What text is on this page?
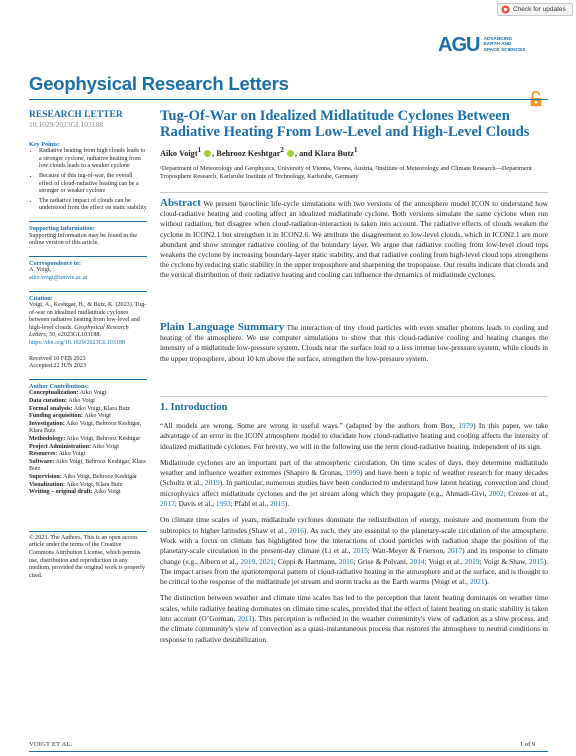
Check for updates
AGU ADVANCING
EARTH AND
SPACE SCIENCES
Geophysical Research Letters
RESEARCH LETTER
10.1029/2023GL103188
Key Points:
• Radiative heating from high clouds leads to a stronger cyclone, radiative heating from low clouds leads to a weaker cyclone
• Because of this tug-of-war, the overall effect of cloud-radiative heating can be a stronger or weaker cyclone
• The radiative impact of clouds can be understood from the effect on static stability
Supporting Information:

Supporting Information may be found in the online version of this article.

Correspondence to:

A. Voigt,

aiko.voigt@univie.ac.at

Citation:

Voigt, A., Keshtgar, B., & Butz, K. (2023). Tug-of-war on idealized midlatitude cyclones between radiative heating from low-level and high-level clouds. Geophysical Research Letters, 50, e2023GL103188. https://doi.org/10.1029/2023GL103188

Received 10 FEB 2023

Accepted 22 JUN 2023

Author Contributions:

Conceptualization: Aiko Voigt

Data curation: Aiko Voigt

Formal analysis: Aiko Voigt, Klara Butz

Funding acquisition: Aiko Voigt

Investigation: Aiko Voigt, Behrooz Keshtgar, Klara Butz

Methodology: Aiko Voigt, Behrooz Keshtgar

Project Administration: Aiko Voigt

Resources: Aiko Voigt

Software: Aiko Voigt, Behrooz Keshtgar, Klara Butz

Supervision: Aiko Voigt, Behrooz Keshtgar

Visualization: Aiko Voigt, Klara Butz

Writing – original draft: Aiko Voigt

© 2023. The Authors. This is an open access article under the terms of the Creative Commons Attribution License, which permits use, distribution and reproduction in any medium, provided the original work is properly cited.

Tug-Of-War on Idealized Midlatitude Cyclones Between Radiative Heating From Low-Level and High-Level Clouds
Aiko Voigt$^1$ , Behrooz Keshtgar$^2$ , and Klara Butz$^1$
¹Department of Meteorology and Geophysics, University of Vienna, Vienna, Austria, ²Institute of Meteorology and Climate Research—Department Troposphere Research, Karlsruhe Institute of Technology, Karlsruhe, Germany
Abstract We present baroclinic life-cycle simulations with two versions of the atmosphere model ICON to understand how cloud-radiative heating and cooling affect an idealized midlatitude cyclone. Both versions simulate the same cyclone when run without radiation, but disagree when cloud-radiation-interaction is taken into account. The radiative effects of clouds weaken the cyclone in ICON2.1 but strengthen it in ICON2.6. We attribute the disagreement to low-level clouds, which in ICON2.1 are more abundant and show stronger radiative cooling of the boundary layer. We argue that radiative cooling from low-level cloud tops weakens the cyclone by increasing boundary-layer static stability, and that radiative cooling from high-level cloud tops strengthens the cyclone by reducing static stability in the upper troposphere and sharpening the tropopause. Our results indicate that clouds and the vertical distribution of their radiative heating and cooling can influence the dynamics of midlatitude cyclones.
Plain Language Summary The interaction of tiny cloud particles with even smaller photons leads to cooling and heating of the atmosphere. We use computer simulations to show that this cloud-radiative cooling and heating changes the intensity of a midlatitude low-pressure system. Clouds near the surface lead to a less intense low-pressure system, while clouds in the upper troposphere, about 10 km above the surface, strengthen the low-pressure system.
1. Introduction

“All models are wrong. Some are wrong in useful ways.” (adapted by the authors from Box, 1979) In this paper, we take advantage of an error in the ICON atmosphere model to elucidate how cloud-radiative heating and cooling affects the intensity of idealized midlatitude cyclones. For brevity, we will in the following use the term cloud-radiative heating, independent of its sign.

Midlatitude cyclones are an important part of the atmospheric circulation. On time scales of days, they determine midlatitude weather and influence weather extremes (Shapiro & Gronas, 1999) and have been a topic of weather research for many decades (Schultz et al., 2019). In particular, numerous studies have been conducted to understand how latent heating, convection and cloud microphysics affect midlatitude cyclones and the jet stream along which they propagate (e.g., Ahmadi-Givi, 2002; Crezee et al., 2017; Davis et al., 1993; Pfahl et al., 2015).

On climate time scales of years, midlatitude cyclones dominate the redistribution of energy, moisture and momentum from the subtropics to higher latitudes (Shaw et al., 2016). As such, they are essential to the planetary-scale circulation of the atmosphere. Work with a focus on climate has highlighted how the interactions of cloud particles with radiation shape the position of the planetary-scale circulation in the present-day climate (Li et al., 2015; Watt-Meyer & Frierson, 2017) and its response to climate change (e.g., Albern et al., 2019, 2021; Ceppi & Hartmann, 2016; Grise & Polvani, 2014; Voigt et al., 2019; Voigt & Shaw, 2015). The impact arises from the spatiotemporal pattern of cloud-radiative heating in the atmosphere and at the surface, and is thought to be critical to the response of the midlatitude jet stream and storm tracks as the Earth warms (Voigt et al., 2021).

The distinction between weather and climate time scales has led to the perception that latent heating dominates on weather time scales, while radiative heating dominates on climate time scales, provided that the effect of latent heating on static stability is taken into account (O’Gorman, 2011). This perception is reflected in the weather community's view of radiation as a slow process, and the climate community's view of convection as a quasi-instantaneous process that restores the atmosphere to neutral conditions in response to radiative destabilization.

VOIGT ET AL.	1 of 9
